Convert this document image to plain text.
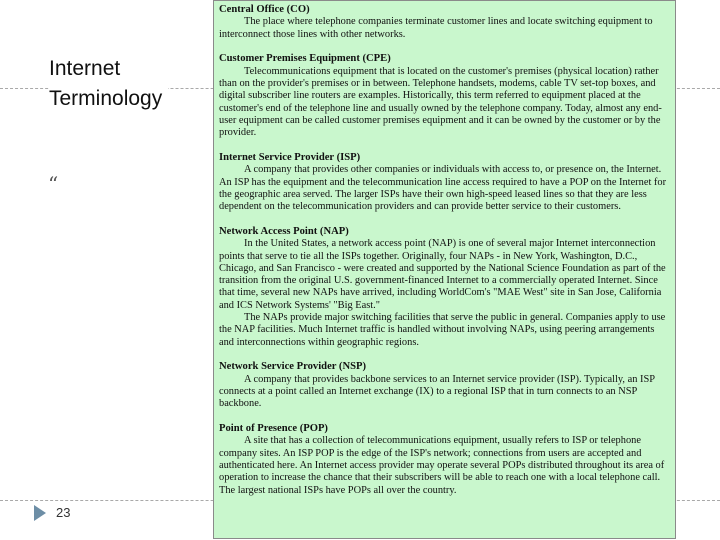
Internet
Terminology
“
23
Central Office (CO)

The place where telephone companies terminate customer lines and locate switching equipment to interconnect those lines with other networks.

Customer Premises Equipment (CPE)

Telecommunications equipment that is located on the customer's premises (physical location) rather than on the provider's premises or in between. Telephone handsets, modems, cable TV set-top boxes, and digital subscriber line routers are examples. Historically, this term referred to equipment placed at the customer's end of the telephone line and usually owned by the telephone company. Today, almost any end-user equipment can be called customer premises equipment and it can be owned by the customer or by the provider.

Internet Service Provider (ISP)

A company that provides other companies or individuals with access to, or presence on, the Internet. An ISP has the equipment and the telecommunication line access required to have a POP on the Internet for the geographic area served. The larger ISPs have their own high-speed leased lines so that they are less dependent on the telecommunication providers and can provide better service to their customers.

Network Access Point (NAP)

In the United States, a network access point (NAP) is one of several major Internet interconnection points that serve to tie all the ISPs together. Originally, four NAPs - in New York, Washington, D.C., Chicago, and San Francisco - were created and supported by the National Science Foundation as part of the transition from the original U.S. government-financed Internet to a commercially operated Internet. Since that time, several new NAPs have arrived, including WorldCom's "MAE West" site in San Jose, California and ICS Network Systems' "Big East."

The NAPs provide major switching facilities that serve the public in general. Companies apply to use the NAP facilities. Much Internet traffic is handled without involving NAPs, using peering arrangements and interconnections within geographic regions.

Network Service Provider (NSP)

A company that provides backbone services to an Internet service provider (ISP). Typically, an ISP connects at a point called an Internet exchange (IX) to a regional ISP that in turn connects to an NSP backbone.

Point of Presence (POP)

A site that has a collection of telecommunications equipment, usually refers to ISP or telephone company sites. An ISP POP is the edge of the ISP's network; connections from users are accepted and authenticated here. An Internet access provider may operate several POPs distributed throughout its area of operation to increase the chance that their subscribers will be able to reach one with a local telephone call. The largest national ISPs have POPs all over the country.
